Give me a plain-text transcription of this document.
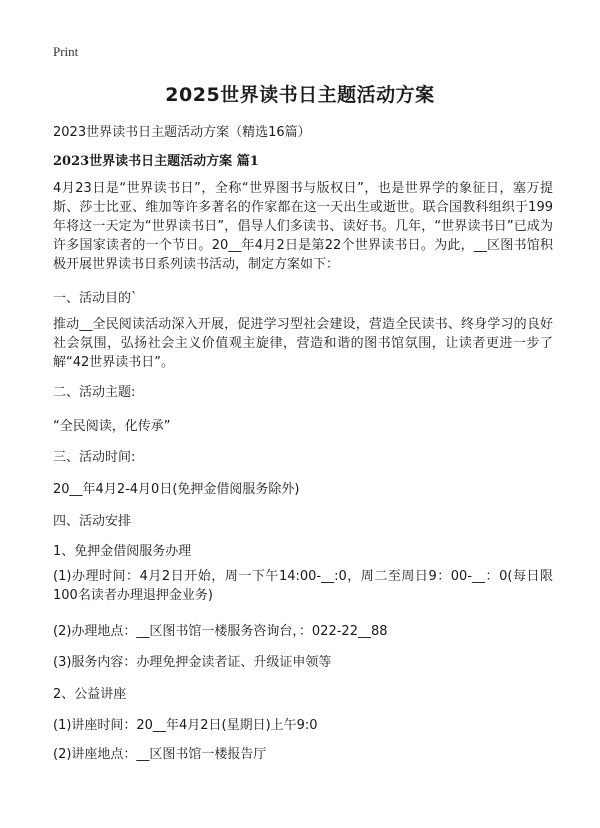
Print
2025世界读书日主题活动方案
2023世界读书日主题活动方案（精选16篇）
2023世界读书日主题活动方案 篇1
4月23日是“世界读书日”，全称“世界图书与版权日”，也是世界学的象征日，塞万提斯、莎士比亚、维加等许多著名的作家都在这一天出生或逝世。联合国教科组织于199年将这一天定为“世界读书日”，倡导人们多读书、读好书。几年，“世界读书日”已成为许多国家读者的一个节日。20__年4月2日是第22个世界读书日。为此，__区图书馆积极开展世界读书日系列读书活动，制定方案如下：
一、活动目的`
推动__全民阅读活动深入开展，促进学习型社会建设，营造全民读书、终身学习的良好社会氛围，弘扬社会主义价值观主旋律，营造和谐的图书馆氛围，让读者更进一步了解“42世界读书日”。
二、活动主题:
“全民阅读，化传承”
三、活动时间:
20__年4月2-4月0日(免押金借阅服务除外)
四、活动安排
1、免押金借阅服务办理
(1)办理时间：4月2日开始，周一下午14:00-__:0，周二至周日9：00-__：0(每日限100名读者办理退押金业务)
(2)办理地点：__区图书馆一楼服务咨询台，：022-22__88
(3)服务内容：办理免押金读者证、升级证申领等
2、公益讲座
(1)讲座时间：20__年4月2日(星期日)上午9:0
(2)讲座地点：__区图书馆一楼报告厅
